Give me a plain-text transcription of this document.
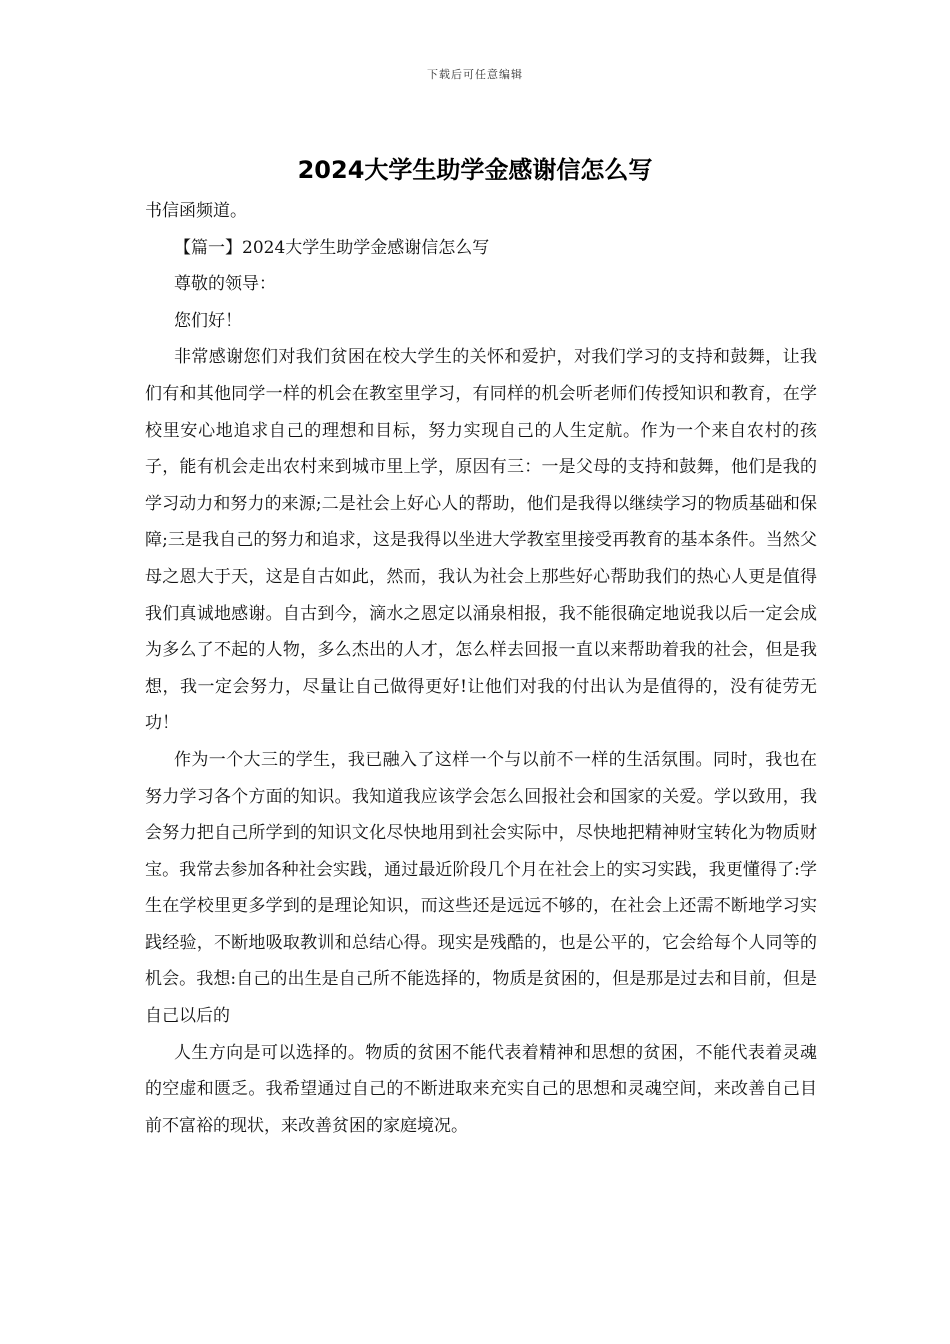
下载后可任意编辑
2024大学生助学金感谢信怎么写

书信函频道。

【篇一】2024大学生助学金感谢信怎么写

尊敬的领导：

您们好！

非常感谢您们对我们贫困在校大学生的关怀和爱护，对我们学习的支持和鼓舞，让我们有和其他同学一样的机会在教室里学习，有同样的机会听老师们传授知识和教育，在学校里安心地追求自己的理想和目标，努力实现自己的人生定航。作为一个来自农村的孩子，能有机会走出农村来到城市里上学，原因有三：一是父母的支持和鼓舞，他们是我的学习动力和努力的来源;二是社会上好心人的帮助，他们是我得以继续学习的物质基础和保障;三是我自己的努力和追求，这是我得以坐进大学教室里接受再教育的基本条件。当然父母之恩大于天，这是自古如此，然而，我认为社会上那些好心帮助我们的热心人更是值得我们真诚地感谢。自古到今，滴水之恩定以涌泉相报，我不能很确定地说我以后一定会成为多么了不起的人物，多么杰出的人才，怎么样去回报一直以来帮助着我的社会，但是我想，我一定会努力，尽量让自己做得更好!让他们对我的付出认为是值得的，没有徒劳无功！

作为一个大三的学生，我已融入了这样一个与以前不一样的生活氛围。同时，我也在努力学习各个方面的知识。我知道我应该学会怎么回报社会和国家的关爱。学以致用，我会努力把自己所学到的知识文化尽快地用到社会实际中，尽快地把精神财宝转化为物质财宝。我常去参加各种社会实践，通过最近阶段几个月在社会上的实习实践，我更懂得了:学生在学校里更多学到的是理论知识，而这些还是远远不够的，在社会上还需不断地学习实践经验，不断地吸取教训和总结心得。现实是残酷的，也是公平的，它会给每个人同等的机会。我想:自己的出生是自己所不能选择的，物质是贫困的，但是那是过去和目前，但是自己以后的

人生方向是可以选择的。物质的贫困不能代表着精神和思想的贫困，不能代表着灵魂的空虚和匮乏。我希望通过自己的不断进取来充实自己的思想和灵魂空间，来改善自己目前不富裕的现状，来改善贫困的家庭境况。
